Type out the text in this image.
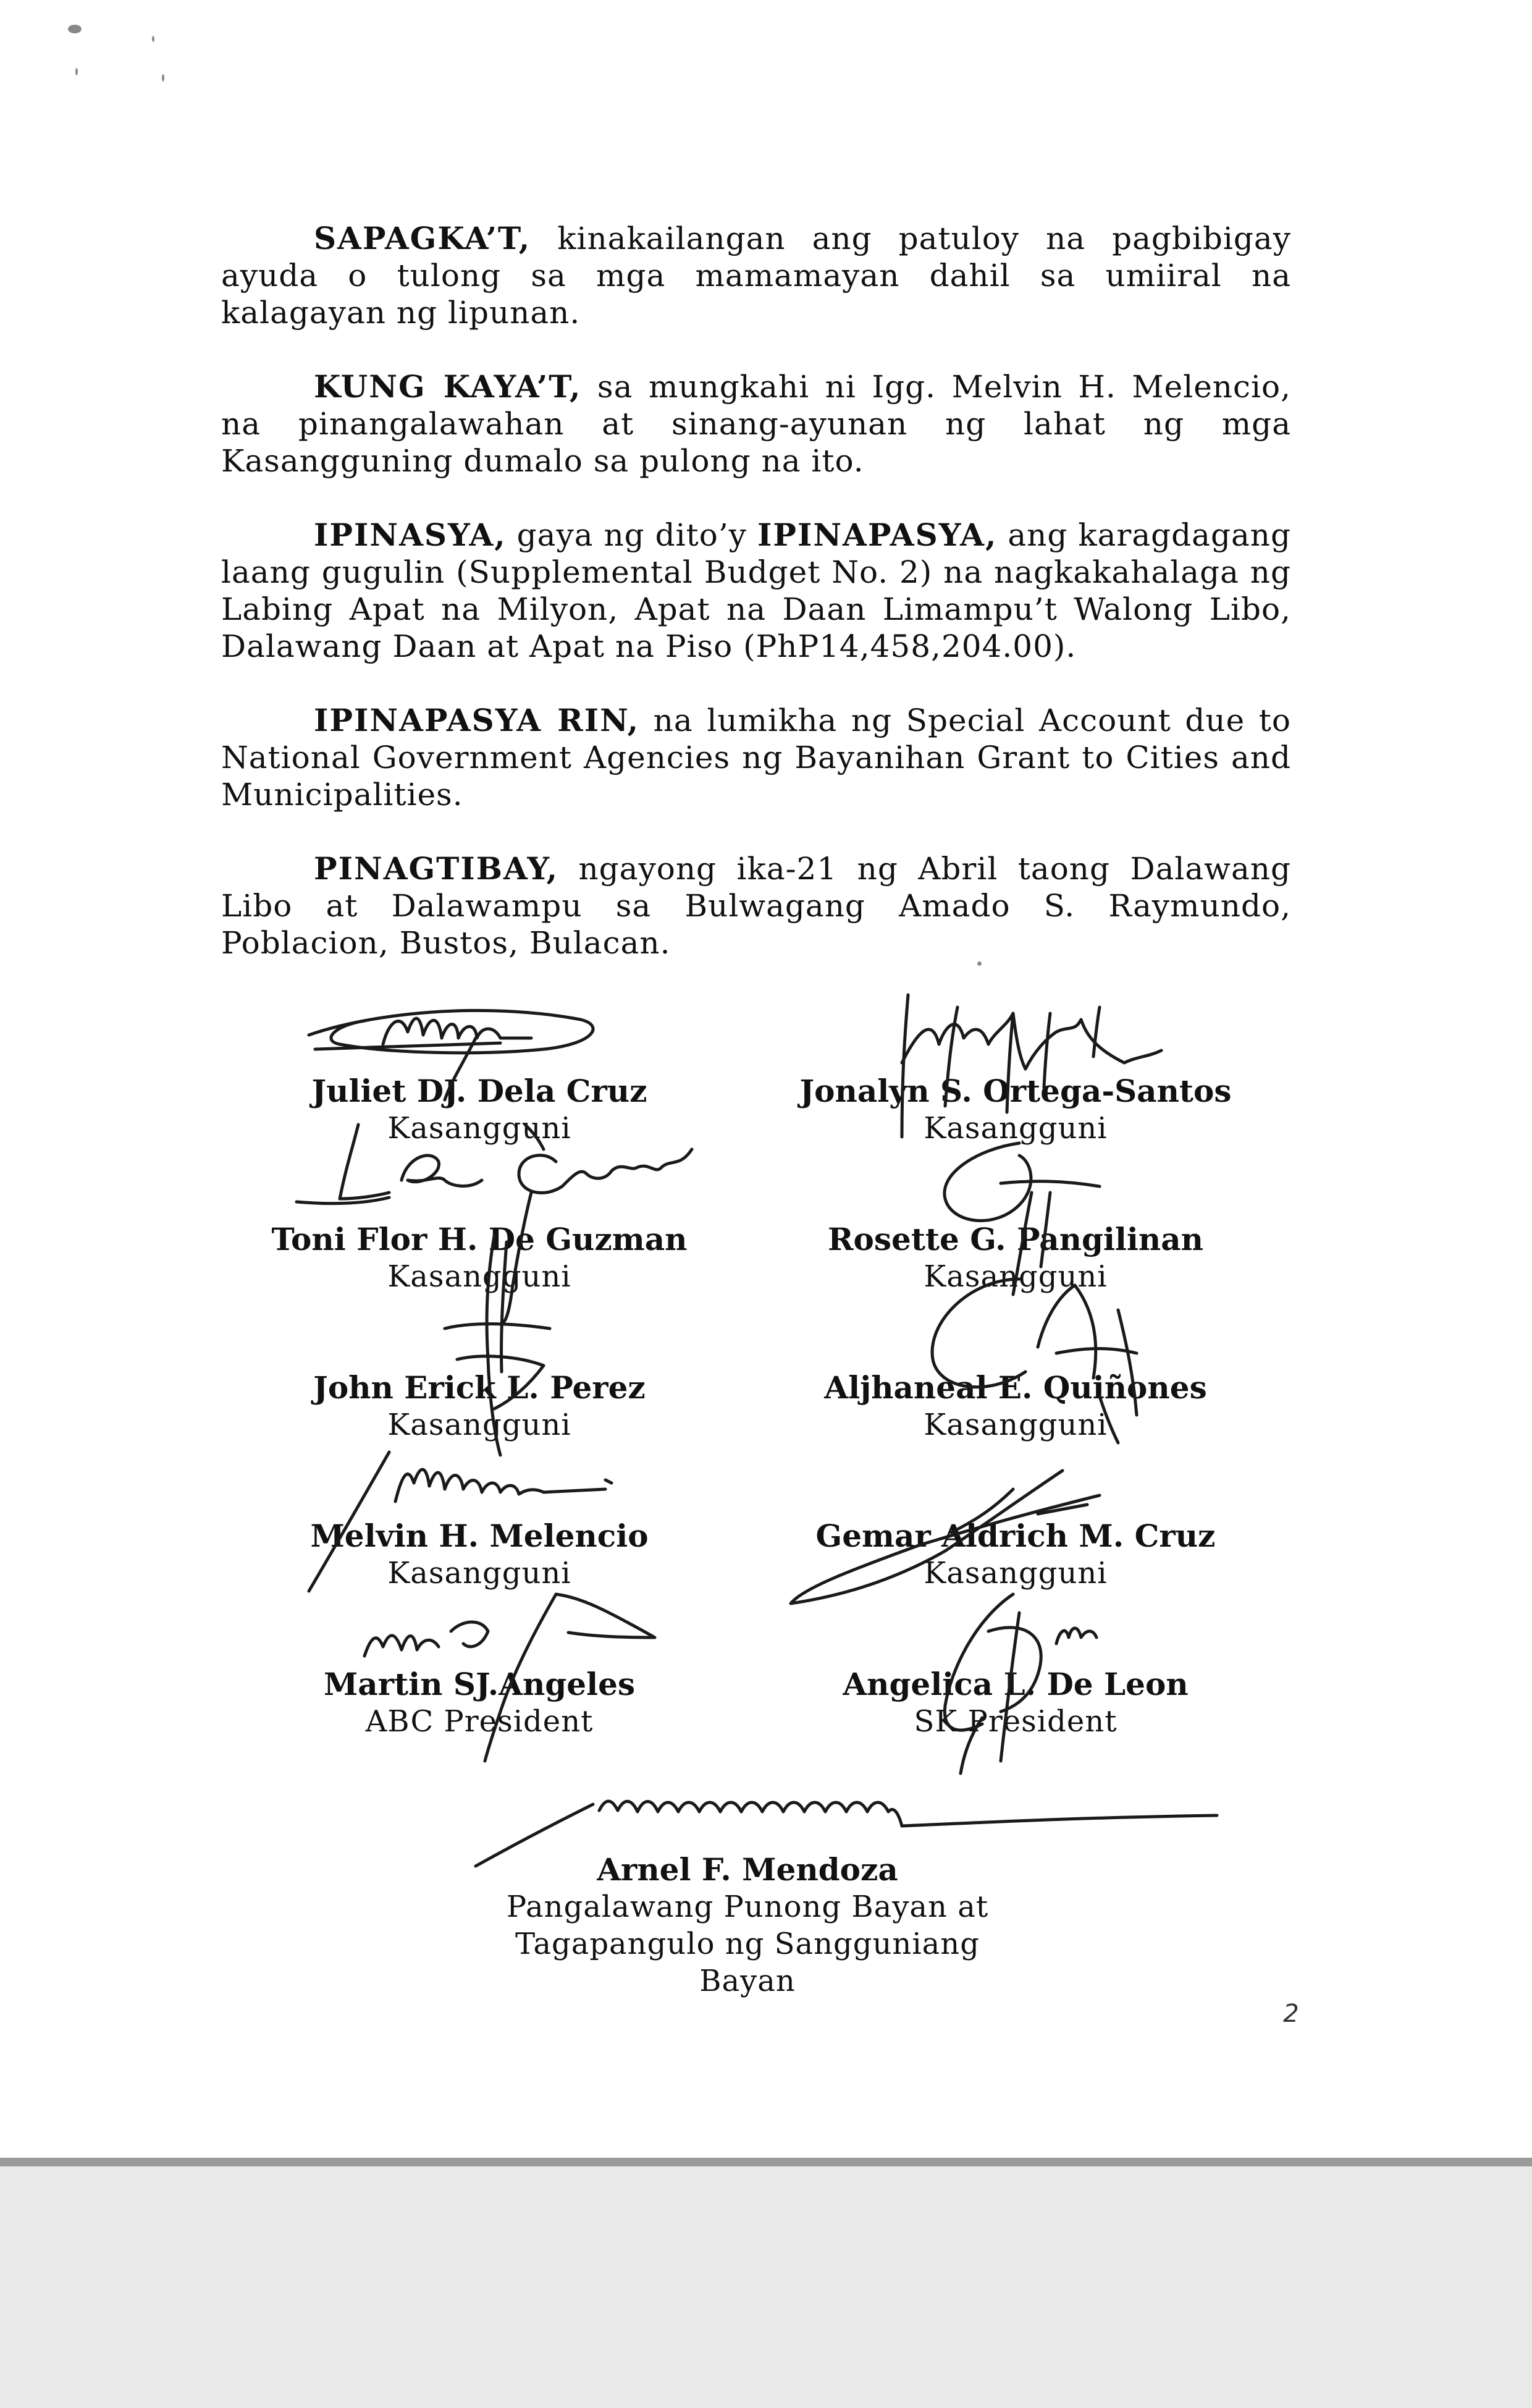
SAPAGKA’T, kinakailangan ang patuloy na pagbibigay ayuda o tulong sa mga mamamayan dahil sa umiiral na kalagayan ng lipunan.

KUNG KAYA’T, sa mungkahi ni Igg. Melvin H. Melencio, na pinangalawahan at sinang-ayunan ng lahat ng mga Kasangguning dumalo sa pulong na ito.

IPINASYA, gaya ng dito’y IPINAPASYA, ang karagdagang laang gugulin (Supplemental Budget No. 2) na nagkakahalaga ng Labing Apat na Milyon, Apat na Daan Limampu’t Walong Libo, Dalawang Daan at Apat na Piso (PhP14,458,204.00).

IPINAPASYA RIN, na lumikha ng Special Account due to National Government Agencies ng Bayanihan Grant to Cities and Municipalities.

PINAGTIBAY, ngayong ika-21 ng Abril taong Dalawang Libo at Dalawampu sa Bulwagang Amado S. Raymundo, Poblacion, Bustos, Bulacan.

Juliet DJ. Dela Cruz
Kasangguni
Toni Flor H. De Guzman
Kasangguni
John Erick L. Perez
Kasangguni
Melvin H. Melencio
Kasangguni
Martin SJ.Angeles
ABC President
Jonalyn S. Ortega-Santos
Kasangguni
Rosette G. Pangilinan
Kasangguni
Aljhaneal E. Quiñones
Kasangguni
Gemar Aldrich M. Cruz
Kasangguni
Angelica L. De Leon
SK President
Arnel F. Mendoza
Pangalawang Punong Bayan at
Tagapangulo ng Sangguniang Bayan
2
